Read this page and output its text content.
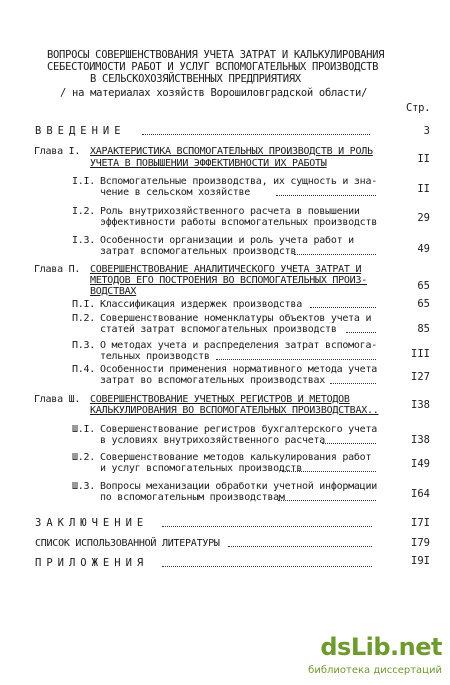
ВОПРОСЫ СОВЕРШЕНСТВОВАНИЯ УЧЕТА ЗАТРАТ И КАЛЬКУЛИРОВАНИЯ
СЕБЕСТОИМОСТИ РАБОТ И УСЛУГ ВСПОМОГАТЕЛЬНЫХ ПРОИЗВОДСТВ
В СЕЛЬСКОХОЗЯЙСТВЕННЫХ ПРЕДПРИЯТИЯХ
/ на материалах хозяйств Ворошиловградской области/
Стр.
ВВЕДЕНИЕ	3
Глава I. ХАРАКТЕРИСТИКА ВСПОМОГАТЕЛЬНЫХ ПРОИЗВОДСТВ И РОЛЬ
УЧЕТА В ПОВЫШЕНИИ ЭФФЕКТИВНОСТИ ИХ РАБОТЫ	II
I.I. Вспомогательные производства, их сущность и зна-
чение в сельском хозяйстве	II
I.2. Роль внутрихозяйственного расчета в повышении
эффективности работы вспомогательных производств	29
I.3. Особенности организации и роль учета работ и
затрат вспомогательных производств	49
Глава П. СОВЕРШЕНСТВОВАНИЕ АНАЛИТИЧЕСКОГО УЧЕТА ЗАТРАТ И
МЕТОДОВ ЕГО ПОСТРОЕНИЯ ВО ВСПОМОГАТЕЛЬНЫХ ПРОИЗ-
ВОДСТВАХ	65
П.I. Классификация издержек производства	65
П.2. Совершенствование номенклатуры объектов учета и
статей затрат вспомогательных производств	85
П.3. О методах учета и распределения затрат вспомога-
тельных производств	III
П.4. Особенности применения нормативного метода учета
затрат во вспомогательных производствах	I27
Глава Ш. СОВЕРШЕНСТВОВАНИЕ УЧЕТНЫХ РЕГИСТРОВ И МЕТОДОВ
КАЛЬКУЛИРОВАНИЯ ВО ВСПОМОГАТЕЛЬНЫХ ПРОИЗВОДСТВАХ..	I38
Ш.I. Совершенствование регистров бухгалтерского учета
в условиях внутрихозяйственного расчета	I38
Ш.2. Совершенствование методов калькулирования работ
и услуг вспомогательных производств	I49
Ш.3. Вопросы механизации обработки учетной информации
по вспомогательным производствам	I64
ЗАКЛЮЧЕНИЕ	I7I
СПИСОК ИСПОЛЬЗОВАННОЙ ЛИТЕРАТУРЫ	I79
ПРИЛОЖЕНИЯ	I9I
dsLib.net
библиотека диссертаций
